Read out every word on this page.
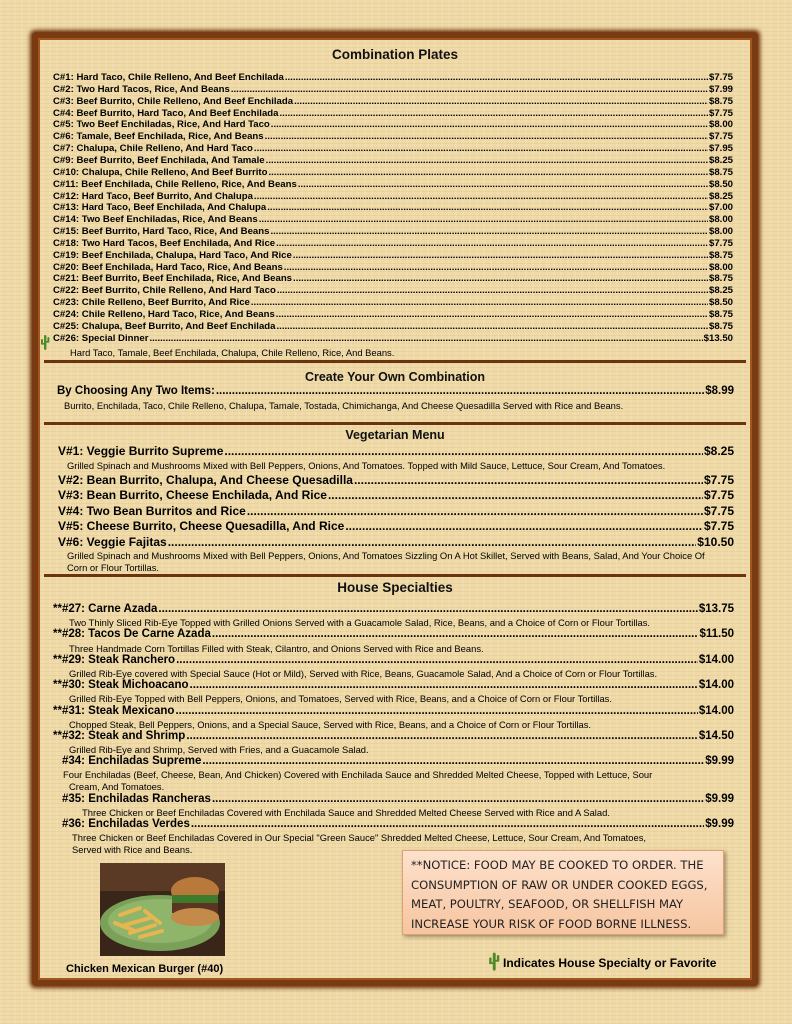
Combination Plates
C#1: Hard Taco, Chile Relleno, And Beef Enchilada .....	$7.75
C#2: Two Hard Tacos, Rice, And Beans .....	$7.99
C#3: Beef Burrito, Chile Relleno, And Beef Enchilada .....	$8.75
C#4: Beef Burrito, Hard Taco, And Beef Enchilada .....	$7.75
C#5: Two Beef Enchiladas, Rice, And Hard Taco .....	$8.00
C#6: Tamale, Beef Enchilada, Rice, And Beans .....	$7.75
C#7: Chalupa, Chile Relleno, And Hard Taco .....	$7.95
C#9: Beef Burrito, Beef Enchilada, And Tamale .....	$8.25
C#10: Chalupa, Chile Relleno, And Beef Burrito .....	$8.75
C#11: Beef Enchilada, Chile Relleno, Rice, And Beans .....	$8.50
C#12: Hard Taco, Beef Burrito, And Chalupa .....	$8.25
C#13: Hard Taco, Beef Enchilada, And Chalupa .....	$7.00
C#14: Two Beef Enchiladas, Rice, And Beans .....	$8.00
C#15: Beef Burrito, Hard Taco, Rice, And Beans .....	$8.00
C#18: Two Hard Tacos, Beef Enchilada, And Rice .....	$7.75
C#19: Beef Enchilada, Chalupa, Hard Taco, And Rice .....	$8.75
C#20: Beef Enchilada, Hard Taco, Rice, And Beans .....	$8.00
C#21: Beef Burrito, Beef Enchilada, Rice, And Beans .....	$8.75
C#22: Beef Burrito, Chile Relleno, And Hard Taco .....	$8.25
C#23: Chile Relleno, Beef Burrito, And Rice .....	$8.50
C#24: Chile Relleno, Hard Taco, Rice, And Beans .....	$8.75
C#25: Chalupa, Beef Burrito, And Beef Enchilada .....	$8.75
C#26: Special Dinner .....	$13.50
Hard Taco, Tamale, Beef Enchilada, Chalupa, Chile Relleno, Rice, And Beans.
Create Your Own Combination
By Choosing Any Two Items: .....	$8.99
Burrito, Enchilada, Taco, Chile Relleno, Chalupa, Tamale, Tostada, Chimichanga, And Cheese Quesadilla Served with Rice and Beans.
Vegetarian Menu
V#1: Veggie Burrito Supreme .....	$8.25
V#2: Bean Burrito, Chalupa, And Cheese Quesadilla .....	$7.75
V#3: Bean Burrito, Cheese Enchilada, And Rice .....	$7.75
V#4: Two Bean Burritos and Rice .....	$7.75
V#5: Cheese Burrito, Cheese Quesadilla, And Rice .....	$7.75
V#6: Veggie Fajitas .....	$10.50
Grilled Spinach and Mushrooms Mixed with Bell Peppers, Onions, And Tomatoes. Topped with Mild Sauce, Lettuce, Sour Cream, And Tomatoes.
Grilled Spinach and Mushrooms Mixed with Bell Peppers, Onions, And Tomatoes Sizzling On A Hot Skillet, Served with Beans, Salad, And Your Choice Of
Corn or Flour Tortillas.
House Specialties
**#27: Carne Azada .....	$13.75
**#28: Tacos De Carne Azada .....	$11.50
**#29: Steak Ranchero .....	$14.00
**#30: Steak Michoacano .....	$14.00
**#31: Steak Mexicano .....	$14.00
**#32: Steak and Shrimp .....	$14.50
#34: Enchiladas Supreme .....	$9.99
#35: Enchiladas Rancheras .....	$9.99
#36: Enchiladas Verdes .....	$9.99
Two Thinly Sliced Rib-Eye Topped with Grilled Onions Served with a Guacamole Salad, Rice, Beans, and a Choice of Corn or Flour Tortillas.
Three Handmade Corn Tortillas Filled with Steak, Cilantro, and Onions Served with Rice and Beans.
Grilled Rib-Eye covered with Special Sauce (Hot or Mild), Served with Rice, Beans, Guacamole Salad, And a Choice of Corn or Flour Tortillas.
Grilled Rib-Eye Topped with Bell Peppers, Onions, and Tomatoes, Served with Rice, Beans, and a Choice of Corn or Flour Tortillas.
Chopped Steak, Bell Peppers, Onions, and a Special Sauce, Served with Rice, Beans, and a Choice of Corn or Flour Tortillas.
Grilled Rib-Eye and Shrimp, Served with Fries, and a Guacamole Salad.
Four Enchiladas (Beef, Cheese, Bean, And Chicken) Covered with Enchilada Sauce and Shredded Melted Cheese, Topped with Lettuce, Sour
Cream, And Tomatoes.
Three Chicken or Beef Enchiladas Covered with Enchilada Sauce and Shredded Melted Cheese Served with Rice and A Salad.
Three Chicken or Beef Enchiladas Covered in Our Special "Green Sauce" Shredded Melted Cheese, Lettuce, Sour Cream, And Tomatoes,
Served with Rice and Beans.
Chicken Mexican Burger (#40)
**NOTICE: FOOD MAY BE COOKED TO ORDER. THE CONSUMPTION OF RAW OR UNDER COOKED EGGS, MEAT, POULTRY, SEAFOOD, OR SHELLFISH MAY INCREASE YOUR RISK OF FOOD BORNE ILLNESS.
Indicates House Specialty or Favorite
